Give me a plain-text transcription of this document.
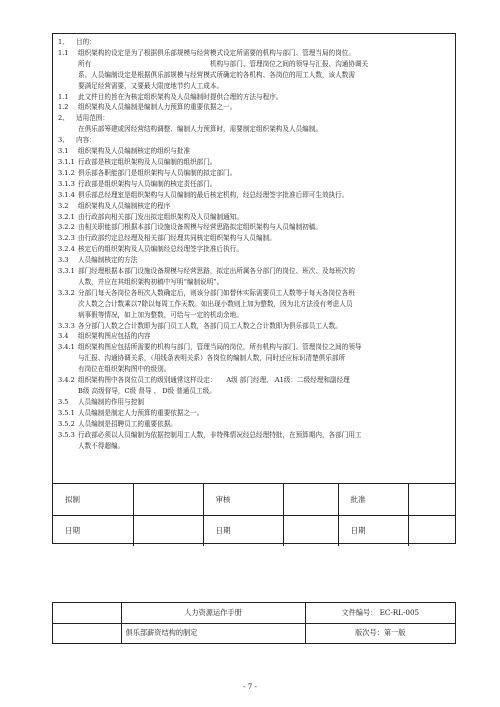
1、	目的：
1.1	组织架构的设定是为了根据俱乐部规模与经营模式设定所需要的机构与部门、管理当局的岗位。
所有　　　　　　　　　　　　　　　　　　机构与部门、管理岗位之间的领导与汇报、沟通协调关
系。人员编制设定是根据俱乐部规模与经营模式所确定的各机构、各岗位的用工人数，该人数需
要满足经营需要，又要最大限度地节约人工成本。
1.1	此文件目的旨在为核定组织架构及人员编制时提供合理的方法与程序。
1.2	组织架构及人员编制是编制人力预算的重要依据之一。
2、	适用范围：
在俱乐部筹建或因经营结构调整、编制人力预算时，需要制定组织架构及人员编制。
3、	内容：
3.1	组织架构及人员编制核定的组织与批准
3.1.1 行政部是核定组织架构及人员编制的组织部门。
3.1.2 俱乐部各职能部门是组织架构与人员编制的拟定部门。
3.1.3 行政部是组织架构与人员编制的核定责任部门。
3.1.4 俱乐部总经理室是组织架构与人员编制的最后核定机构，经总经理签字批准后即可生效执行。
3.2	组织架构及人员编制核定的程序
3.2.1 由行政部向相关部门发出拟定组织架构及人员编制通知。
3.2.2 由相关职能部门根据本部门设施设备规模与经营思路拟定组织架构与人员编制初稿。
3.2.3 由行政部约定总经理及相关部门经理共同核定组织架构与人员编制。
3.2.4 核定后的组织架构及人员编制经总经理签字批准后执行。
3.3	人员编制核定的方法
3.3.1 部门经理根据本部门设施设备规模与经营思路，拟定出所属各分部门的岗位、班次、及每班次的
人数，并应在其组织架构初稿中写明“编制说明”。
3.3.2 分部门每天各岗位各班次人数确定后，则该分部门如替休实际需要员工人数等于每天各岗位各班
次人数之合计数乘以7除以每周工作天数。如出现小数则上加为整数，因为北方法没有考虑人员
病事假等情况，如上加为整数，可给与一定的机动余地。
3.3.3 各分部门人数之合计数即为部门员工人数，各部门员工人数之合计数即为俱乐部员工人数。
3.4	组织架构图应包括的内容
3.4.1 组织架构图应包括所需要的机构与部门，管理当局的岗位，所有机构与部门、管理岗位之间的领导
与汇报、沟通协调关系，（用线条表明关系）各岗位的编制人数，同时还应标识清楚俱乐部所
有岗位在组织架构图中的级别。
3.4.2 组织架构图中各岗位员工的级别通常这样设定：　　A级 部门经理、 A1级：二级经理和副经理
B级 高级督导，C级 督导 、 D级 普通员工级。
3.5	人员编制的作用与控制
3.5.1 人员编制是制定人力预算的重要依据之一。
3.5.2 人员编制是招聘员工的重要依据。
3.5.3 行政部必须以人员编制为依据控制用工人数，非特殊情况经总经理特批，在预算期内，各部门用工
人数不得超编。
拟制		审核		批准	
日期		日期		日期	
	人力资源运作手册	文件编号： EC-RL-005
	俱乐部薪资结构的制定	版次号：第一版
- 7 -
